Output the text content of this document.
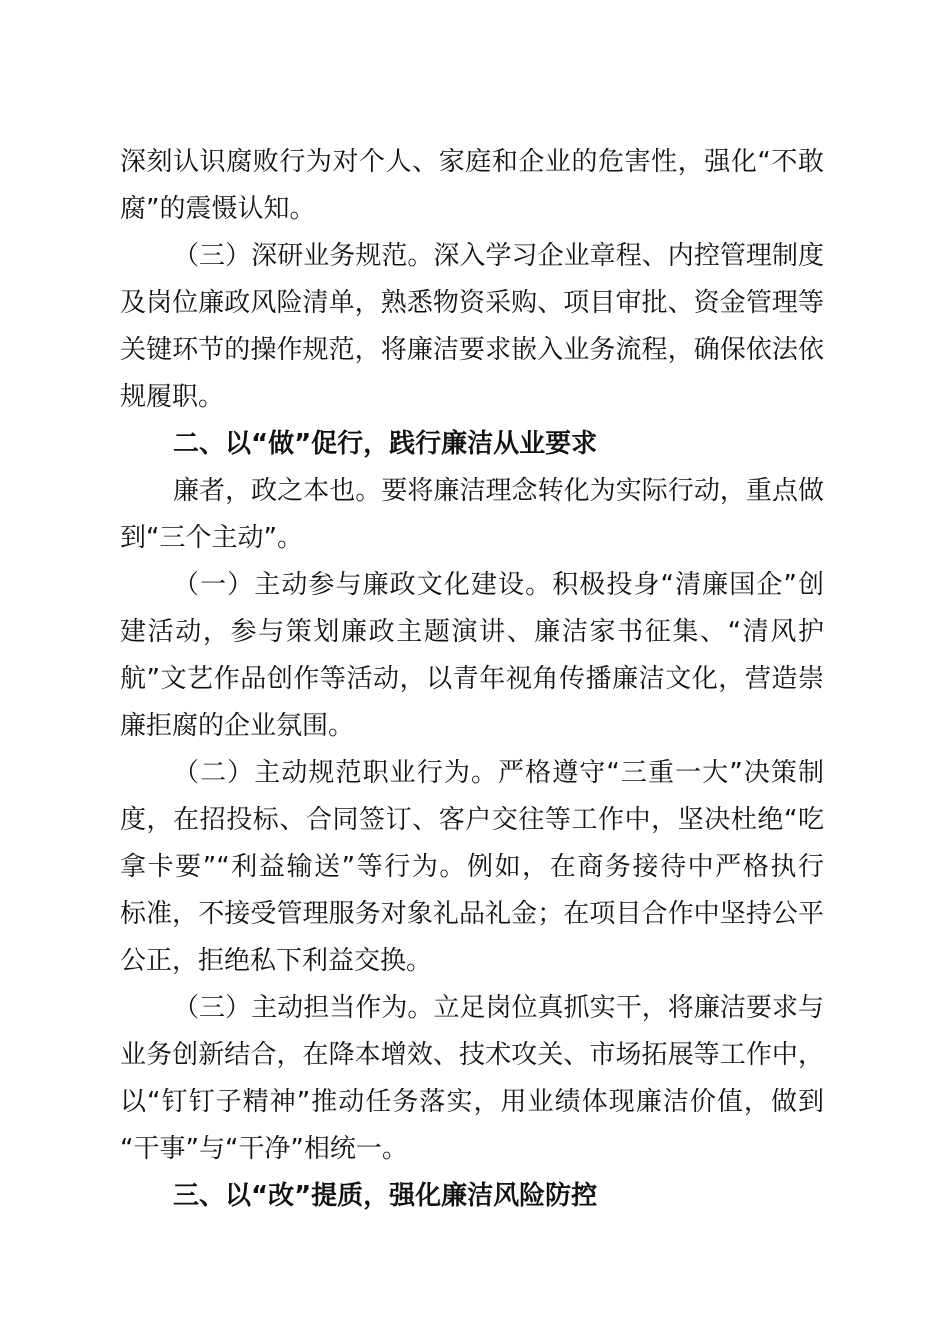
深刻认识腐败行为对个人、家庭和企业的危害性，强化“不敢
腐”的震慑认知。
（三）深研业务规范。深入学习企业章程、内控管理制度
及岗位廉政风险清单，熟悉物资采购、项目审批、资金管理等
关键环节的操作规范，将廉洁要求嵌入业务流程，确保依法依
规履职。
二、以“做”促行，践行廉洁从业要求
廉者，政之本也。要将廉洁理念转化为实际行动，重点做
到“三个主动”。
（一）主动参与廉政文化建设。积极投身“清廉国企”创
建活动，参与策划廉政主题演讲、廉洁家书征集、“清风护
航”文艺作品创作等活动，以青年视角传播廉洁文化，营造崇
廉拒腐的企业氛围。
（二）主动规范职业行为。严格遵守“三重一大”决策制
度，在招投标、合同签订、客户交往等工作中，坚决杜绝“吃
拿卡要”“利益输送”等行为。例如，在商务接待中严格执行
标准，不接受管理服务对象礼品礼金；在项目合作中坚持公平
公正，拒绝私下利益交换。
（三）主动担当作为。立足岗位真抓实干，将廉洁要求与
业务创新结合，在降本增效、技术攻关、市场拓展等工作中，
以“钉钉子精神”推动任务落实，用业绩体现廉洁价值，做到
“干事”与“干净”相统一。
三、以“改”提质，强化廉洁风险防控
